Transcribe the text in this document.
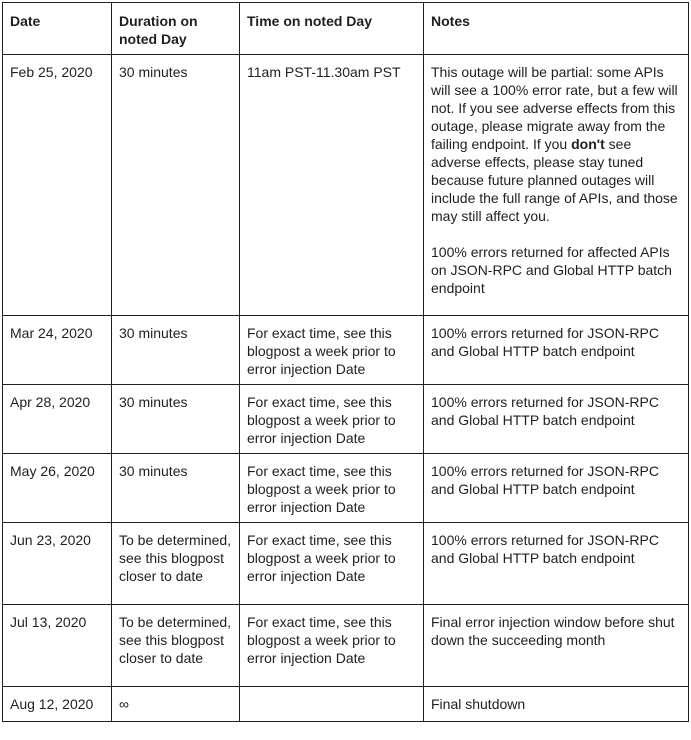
Date	Duration on noted Day	Time on noted Day	Notes
Feb 25, 2020	30 minutes	11am PST-11.30am PST	This outage will be partial: some APIs will see a 100% error rate, but a few will not. If you see adverse effects from this outage, please migrate away from the failing endpoint. If you don't see adverse effects, please stay tuned because future planned outages will include the full range of APIs, and those may still affect you.
100% errors returned for affected APIs on JSON-RPC and Global HTTP batch endpoint

Mar 24, 2020	30 minutes	For exact time, see this blogpost a week prior to error injection Date	100% errors returned for JSON-RPC and Global HTTP batch endpoint
Apr 28, 2020	30 minutes	For exact time, see this blogpost a week prior to error injection Date	100% errors returned for JSON-RPC and Global HTTP batch endpoint
May 26, 2020	30 minutes	For exact time, see this blogpost a week prior to error injection Date	100% errors returned for JSON-RPC and Global HTTP batch endpoint
Jun 23, 2020	To be determined, see this blogpost closer to date	For exact time, see this blogpost a week prior to error injection Date	100% errors returned for JSON-RPC and Global HTTP batch endpoint
Jul 13, 2020	To be determined, see this blogpost closer to date	For exact time, see this blogpost a week prior to error injection Date	Final error injection window before shut down the succeeding month
Aug 12, 2020	∞		Final shutdown
